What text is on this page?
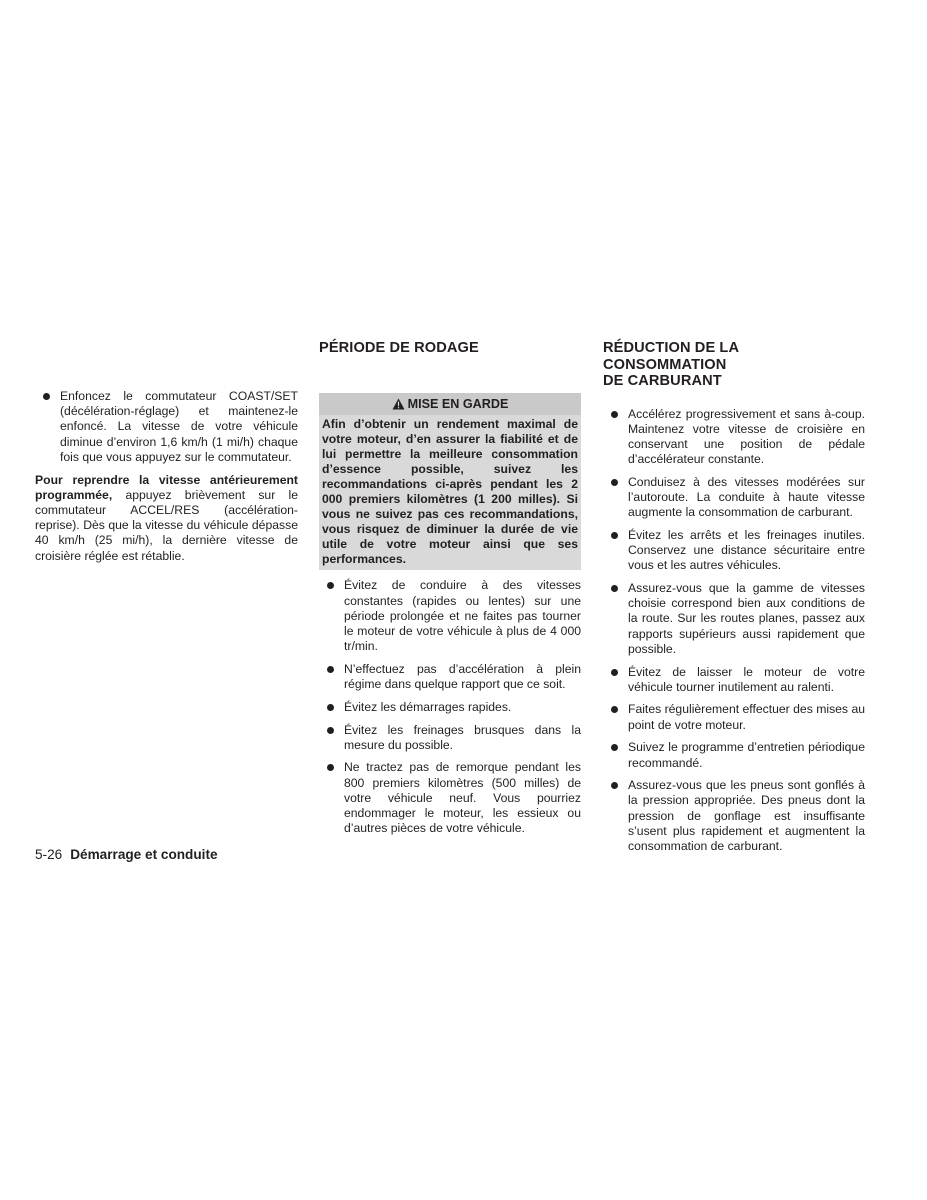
Enfoncez le commutateur COAST/SET (décélération-réglage) et maintenez-le enfoncé. La vitesse de votre véhicule diminue d’environ 1,6 km/h (1 mi/h) chaque fois que vous appuyez sur le commutateur.

Pour reprendre la vitesse antérieurement programmée, appuyez brièvement sur le commutateur ACCEL/RES (accélération-reprise). Dès que la vitesse du véhicule dépasse 40 km/h (25 mi/h), la dernière vitesse de croisière réglée est rétablie.

PÉRIODE DE RODAGE
MISE EN GARDE
Afin d’obtenir un rendement maximal de votre moteur, d’en assurer la fiabilité et de lui permettre la meilleure consommation d’essence possible, suivez les recommandations ci-après pendant les 2 000 premiers kilomètres (1 200 milles). Si vous ne suivez pas ces recommandations, vous risquez de diminuer la durée de vie utile de votre moteur ainsi que ses performances.
Évitez de conduire à des vitesses constantes (rapides ou lentes) sur une période prolongée et ne faites pas tourner le moteur de votre véhicule à plus de 4 000 tr/min.
N’effectuez pas d’accélération à plein régime dans quelque rapport que ce soit.
Évitez les démarrages rapides.
Évitez les freinages brusques dans la mesure du possible.
Ne tractez pas de remorque pendant les 800 premiers kilomètres (500 milles) de votre véhicule neuf. Vous pourriez endommager le moteur, les essieux ou d’autres pièces de votre véhicule.
RÉDUCTION DE LA CONSOMMATION
DE CARBURANT
Accélérez progressivement et sans à-coup. Maintenez votre vitesse de croisière en conservant une position de pédale d’accélérateur constante.
Conduisez à des vitesses modérées sur l’autoroute. La conduite à haute vitesse augmente la consommation de carburant.
Évitez les arrêts et les freinages inutiles. Conservez une distance sécuritaire entre vous et les autres véhicules.
Assurez-vous que la gamme de vitesses choisie correspond bien aux conditions de la route. Sur les routes planes, passez aux rapports supérieurs aussi rapidement que possible.
Évitez de laisser le moteur de votre véhicule tourner inutilement au ralenti.
Faites régulièrement effectuer des mises au point de votre moteur.
Suivez le programme d’entretien périodique recommandé.
Assurez-vous que les pneus sont gonflés à la pression appropriée. Des pneus dont la pression de gonflage est insuffisante s’usent plus rapidement et augmentent la consommation de carburant.
5-26 Démarrage et conduite
